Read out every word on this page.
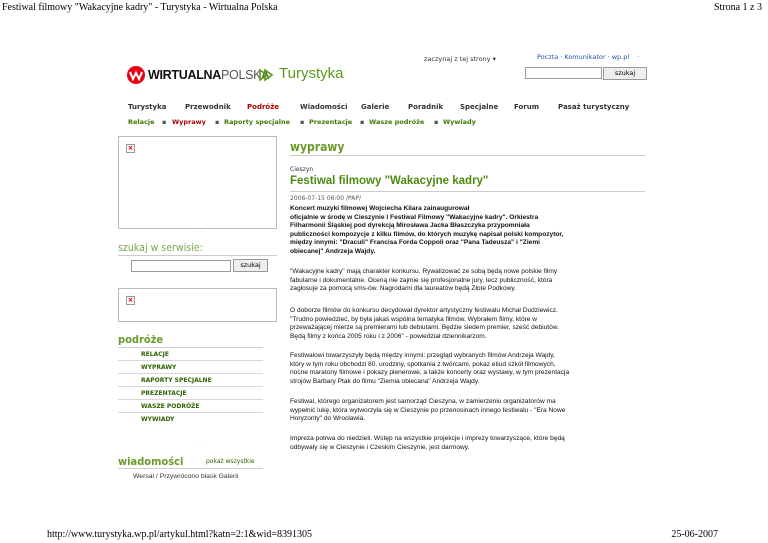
Festiwal filmowy "Wakacyjne kadry" - Turystyka - Wirtualna Polska	Strona 1 z 3
zaczynaj z tej strony ▾	Poczta · Komunikator · wp.pl ·
szukaj
WIRTUALNAPOLSKA Turystyka
Turystyka	Przewodnik Podróże	Wiadomości Galerie	Poradnik Specjalne Forum	Pasaż turystyczny
Relacje ▪ Wyprawy ▪ Raporty specjalne ▪ Prezentacje ▪ Wasze podróże ▪ Wywiady
×
.
szukaj w serwisie:
szukaj
×
podróże
RELACJE
WYPRAWY
RAPORTY SPECJALNE
PREZENTACJE
WASZE PODRÓŻE
WYWIADY
.
wiadomości	pokaż wszystkie
Wersal / Przywrócono blask Galerii
wyprawy
Cieszyn
Festiwal filmowy "Wakacyjne kadry"
2006-07-15 06:00 /PAP/
Koncert muzyki filmowej Wojciecha Kilara zainaugurował
oficjalnie w środę w Cieszynie I Festiwal Filmowy "Wakacyjne kadry". Orkiestra
Filharmonii Śląskiej pod dyrekcją Mirosława Jacka Błaszczyka przypomniała
publiczności kompozycje z kilku filmów, do których muzykę napisał polski kompozytor,
między innymi: "Draculi" Francisa Forda Coppoli oraz "Pana Tadeusza" i "Ziemi
obiecanej" Andrzeja Wajdy.
"Wakacyjne kadry" mają charakter konkursu. Rywalizować ze sobą będą nowe polskie filmy
fabularne i dokumentalne. Oceną nie zajmie się profesjonalne jury, lecz publiczność, która
zagłosuje za pomocą sms-ów. Nagrodami dla laureatów będą Złote Podkowy.
O doborze filmów do konkursu decydował dyrektor artystyczny festiwalu Michał Dudziewicz.
"Trudno powiedzieć, by była jakaś wspólna tematyka filmów. Wybrałem filmy, które w
przeważającej mierze są premierami lub debiutami. Będzie siedem premier, sześć debiutów.
Będą filmy z końca 2005 roku i z 2006" - powiedział dziennikarzom.
Festiwalowi towarzyszyły będą między innymi: przegląd wybranych filmów Andrzeja Wajdy,
który w tym roku obchodzi 80. urodziny, spotkania z twórcami, pokaz etiud szkół filmowych,
nocne maratony filmowe i pokazy plenerowe, a także koncerty oraz wystawy, w tym prezentacja
strojów Barbary Ptak do filmu "Ziemia obiecana" Andrzeja Wajdy.
Festiwal, którego organizatorem jest samorząd Cieszyna, w zamierzeniu organizatorów ma
wypełnić lukę, która wytworzyła się w Cieszynie po przenosinach innego festiwalu - "Era Nowe
Horyzonty" do Wrocławia.
Impreza potrwa do niedzieli. Wstęp na wszystkie projekcje i imprezy towarzyszące, które będą
odbywały się w Cieszynie i Czeskim Cieszynie, jest darmowy.
http://www.turystyka.wp.pl/artykul.html?katn=2:1&wid=8391305	25-06-2007
